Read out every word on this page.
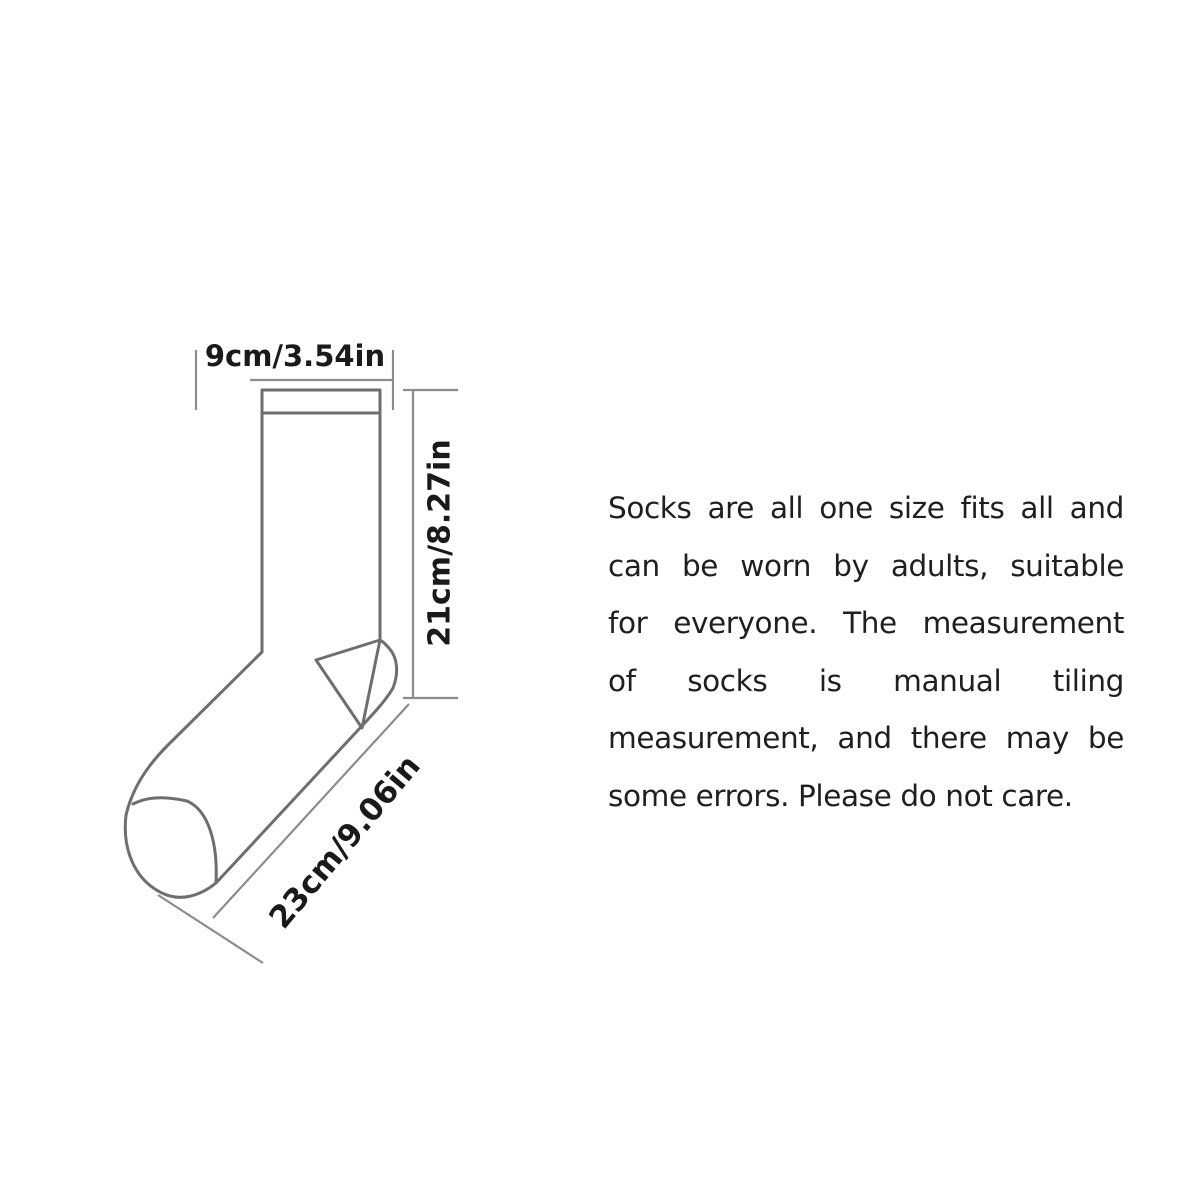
9cm/3.54in
21cm/8.27in
23cm/9.06in
Socks are all one size fits all and
can be worn by adults, suitable
for everyone. The measurement
of socks is manual tiling
measurement, and there may be
some errors. Please do not care.
